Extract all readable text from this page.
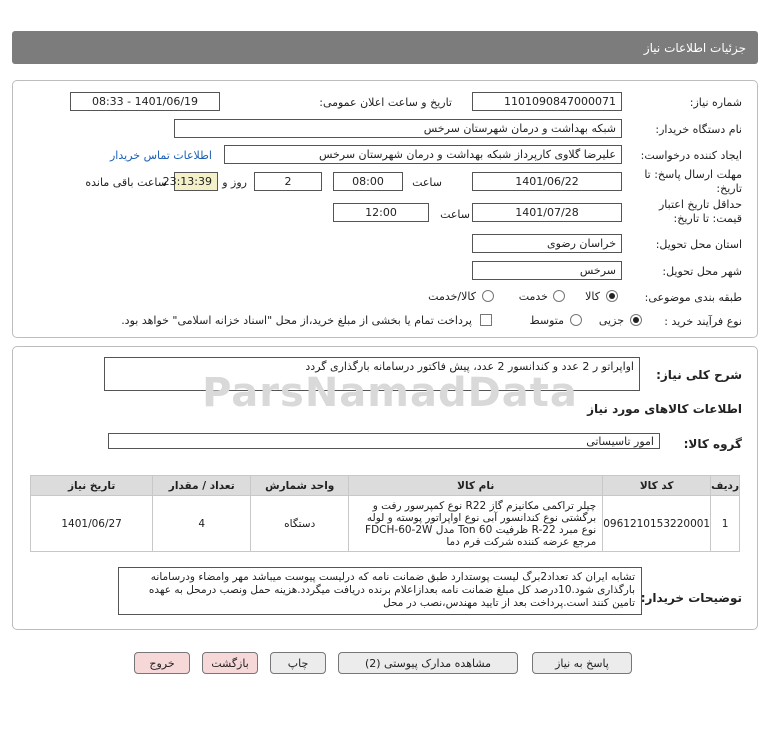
جزئیات اطلاعات نیاز
شماره نیاز:
1101090847000071
تاریخ و ساعت اعلان عمومی:
1401/06/19 - 08:33
نام دستگاه خریدار:
شبکه بهداشت و درمان شهرستان سرخس
ایجاد کننده درخواست:
علیرضا گلاوی کارپرداز شبکه بهداشت و درمان شهرستان سرخس
اطلاعات تماس خریدار
مهلت ارسال پاسخ: تا
تاریخ:
1401/06/22
ساعت
08:00
2
روز و
23:13:39
ساعت باقی مانده
حداقل تاریخ اعتبار
قیمت: تا تاریخ:
1401/07/28
ساعت
12:00
استان محل تحویل:
خراسان رضوی
شهر محل تحویل:
سرخس
طبقه بندی موضوعی:
کالا
خدمت
کالا/خدمت
نوع فرآیند خرید :
جزیی
متوسط
پرداخت تمام یا بخشی از مبلغ خرید،از محل "اسناد خزانه اسلامی" خواهد بود.
شرح کلی نیاز:
اواپراتو ر 2 عدد و کندانسور 2 عدد، پیش فاکتور درسامانه بارگذاری گردد
اطلاعات کالاهای مورد نیاز
ParsNamadData
گروه کالا:
امور تاسیساتی
ردیف	کد کالا	نام کالا	واحد شمارش	تعداد / مقدار	تاریخ نیاز
1	0961210153220001	چیلر تراکمی مکانیزم گاز R22 نوع کمپرسور رفت و برگشتی نوع کندانسور آبی نوع اواپراتور پوسته و لوله نوع مبرد R-22 ظرفیت 60 Ton مدل FDCH-60-2W مرجع عرضه کننده شرکت فرم دما	دستگاه	4	1401/06/27
توضیحات خریدار:
تشابه ایران کد تعداد2برگ لیست پوستدارد طبق ضمانت نامه که درلیست پیوست میباشد مهر وامضاء ودرسامانه بارگذاری شود.10درصد کل مبلغ ضمانت نامه بعدازاعلام برنده دریافت میگردد.هزینه حمل ونصب درمحل به عهده تامین کنند است.پرداخت بعد از تایید مهندس،نصب در محل
پاسخ به نیاز
مشاهده مدارک پیوستی (2)
چاپ
بازگشت
خروج
